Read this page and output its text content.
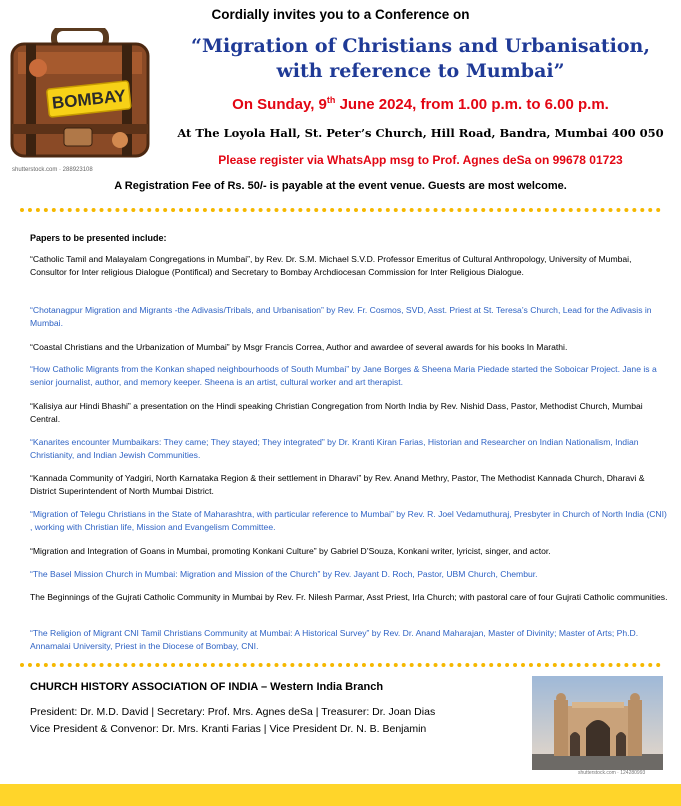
Cordially invites you to a Conference on
BOMBAY
shutterstock.com · 288923108
“Migration of Christians and Urbanisation,
with reference to Mumbai”
On Sunday, 9th June 2024, from 1.00 p.m. to 6.00 p.m.
At The Loyola Hall, St. Peter’s Church, Hill Road, Bandra, Mumbai 400 050
Please register via WhatsApp msg to Prof. Agnes deSa on 99678 01723
A Registration Fee of Rs. 50/- is payable at the event venue. Guests are most welcome.
Papers to be presented include:
“Catholic Tamil and Malayalam Congregations in Mumbai”, by Rev. Dr. S.M. Michael S.V.D. Professor Emeritus of Cultural Anthropology, University of Mumbai, Consultor for Inter religious Dialogue (Pontifical) and Secretary to Bombay Archdiocesan Commission for Inter Religious Dialogue.
“Chotanagpur Migration and Migrants -the Adivasis/Tribals, and Urbanisation” by Rev. Fr. Cosmos, SVD, Asst. Priest at St. Teresa’s Church, Lead for the Adivasis in Mumbai.
“Coastal Christians and the Urbanization of Mumbai” by Msgr Francis Correa, Author and awardee of several awards for his books In Marathi.
“How Catholic Migrants from the Konkan shaped neighbourhoods of South Mumbai” by Jane Borges & Sheena Maria Piedade started the Soboicar Project. Jane is a senior journalist, author, and memory keeper. Sheena is an artist, cultural worker and art therapist.
“Kalisiya aur Hindi Bhashi” a presentation on the Hindi speaking Christian Congregation from North India by Rev. Nishid Dass, Pastor, Methodist Church, Mumbai Central.
“Kanarites encounter Mumbaikars: They came; They stayed; They integrated” by Dr. Kranti Kiran Farias, Historian and Researcher on Indian Nationalism, Indian Christianity, and Indian Jewish Communities.
“Kannada Community of Yadgiri, North Karnataka Region & their settlement in Dharavi” by Rev. Anand Methry, Pastor, The Methodist Kannada Church, Dharavi & District Superintendent of North Mumbai District.
“Migration of Telegu Christians in the State of Maharashtra, with particular reference to Mumbai” by Rev. R. Joel Vedamuthuraj, Presbyter in Church of North India (CNI) , working with Christian life, Mission and Evangelism Committee.
“Migration and Integration of Goans in Mumbai, promoting Konkani Culture” by Gabriel D’Souza, Konkani writer, lyricist, singer, and actor.
“The Basel Mission Church in Mumbai: Migration and Mission of the Church” by Rev. Jayant D. Roch, Pastor, UBM Church, Chembur.
The Beginnings of the Gujrati Catholic Community in Mumbai by Rev. Fr. Nilesh Parmar, Asst Priest, Irla Church; with pastoral care of four Gujrati Catholic communities.
“The Religion of Migrant CNI Tamil Christians Community at Mumbai: A Historical Survey” by Rev. Dr. Anand Maharajan, Master of Divinity; Master of Arts; Ph.D. Annamalai University, Priest in the Diocese of Bombay, CNI.
CHURCH HISTORY ASSOCIATION OF INDIA – Western India Branch
President: Dr. M.D. David | Secretary: Prof. Mrs. Agnes deSa | Treasurer: Dr. Joan Dias
Vice President & Convenor: Dr. Mrs. Kranti Farias | Vice President Dr. N. B. Benjamin
shutterstock.com · 124280993
